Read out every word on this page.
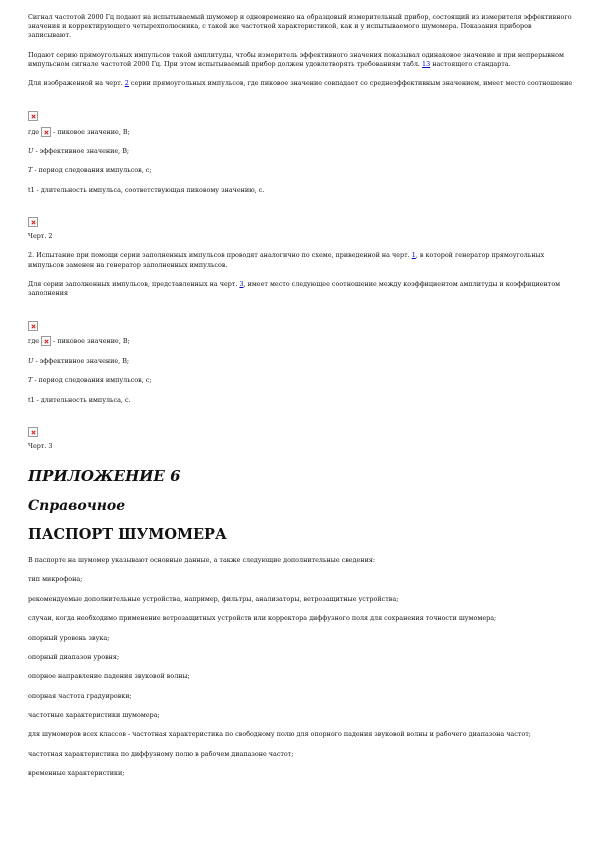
Сигнал частотой 2000 Гц подают на испытываемый шумомер и одновременно на образцовый измерительный прибор, состоящий из измерителя эффективного значения и корректирующего четырехполюсника, с такой же частотной характеристикой, как и у испытываемого шумомера. Показания приборов записывают.

Подают серию прямоугольных импульсов такой амплитуды, чтобы измеритель эффективного значения показывал одинаковое значение и при непрерывном импульсном сигнале частотой 2000 Гц. При этом испытываемый прибор должен удовлетворять требованиям табл. 13 настоящего стандарта.

Для изображенной на черт. 2 серии прямоугольных импульсов, где пиковое значение совпадает со среднеэффективным значением, имеет место соотношение

где - пиковое значение, В;

U - эффективное значение, В;

T - период следования импульсов, с;

t1 - длительность импульса, соответствующая пиковому значению, с.

Черт. 2

2. Испытание при помощи серии заполненных импульсов проводят аналогично по схеме, приведенной на черт. 1, в которой генератор прямоугольных импульсов заменен на генератор заполненных импульсов.

Для серии заполненных импульсов, представленных на черт. 3, имеет место следующее соотношение между коэффициентом амплитуды и коэффициентом заполнения

где - пиковое значение, В;

U - эффективное значение, В;

T - период следования импульсов, с;

t1 - длительность импульса, с.

Черт. 3

ПРИЛОЖЕНИЕ 6
Справочное
ПАСПОРТ ШУМОМЕРА

В паспорте на шумомер указывают основные данные, а также следующие дополнительные сведения:

тип микрофона;

рекомендуемые дополнительные устройства, например, фильтры, анализаторы, ветрозащитные устройства;

случаи, когда необходимо применение ветрозащитных устройств или корректора диффузного поля для сохранения точности шумомера;

опорный уровень звука;

опорный диапазон уровня;

опорное направление падения звуковой волны;

опорная частота градуировки;

частотные характеристики шумомера;

для шумомеров всех классов - частотная характеристика по свободному полю для опорного падения звуковой волны и рабочего диапазона частот;

частотная характеристика по диффузному полю в рабочем диапазоне частот;

временные характеристики;
